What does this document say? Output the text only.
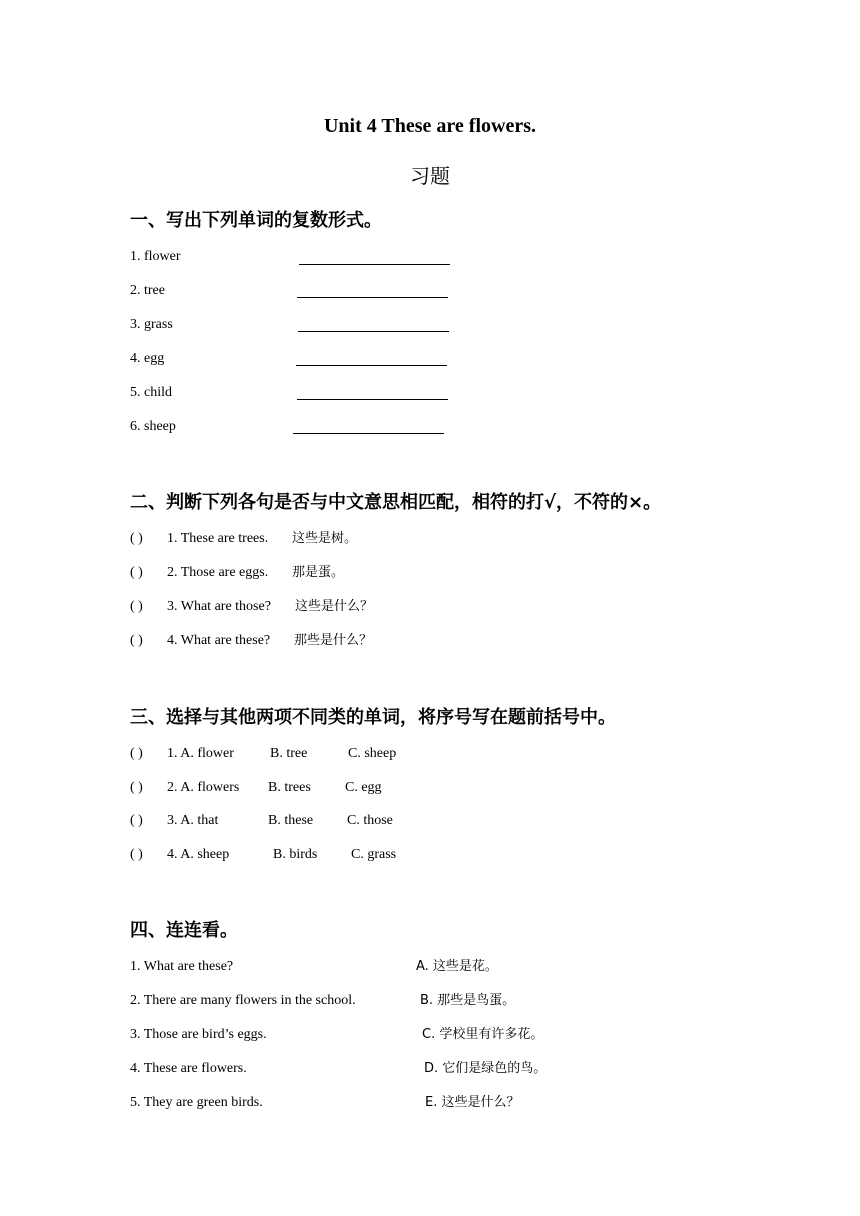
Unit 4 These are flowers.
习题
一、写出下列单词的复数形式。
1. flower
2. tree
3. grass
4. egg
5. child
6. sheep
二、判断下列各句是否与中文意思相匹配，相符的打√，不符的×。
( ) 1. These are trees. 这些是树。
( ) 2. Those are eggs. 那是蛋。
( ) 3. What are those? 这些是什么？
( ) 4. What are these? 那些是什么？
三、选择与其他两项不同类的单词，将序号写在题前括号中。
( ) 1. A. flower	B. tree	C. sheep
( ) 2. A. flowers B. trees C. egg
( ) 3. A. that	B. these C. those
( ) 4. A. sheep	B. birds C. grass
四、连连看。
1. What are these?	A. 这些是花。
2. There are many flowers in the school.	B. 那些是鸟蛋。
3. Those are bird’s eggs.	C. 学校里有许多花。
4. These are flowers.	D. 它们是绿色的鸟。
5. They are green birds.	E. 这些是什么？
